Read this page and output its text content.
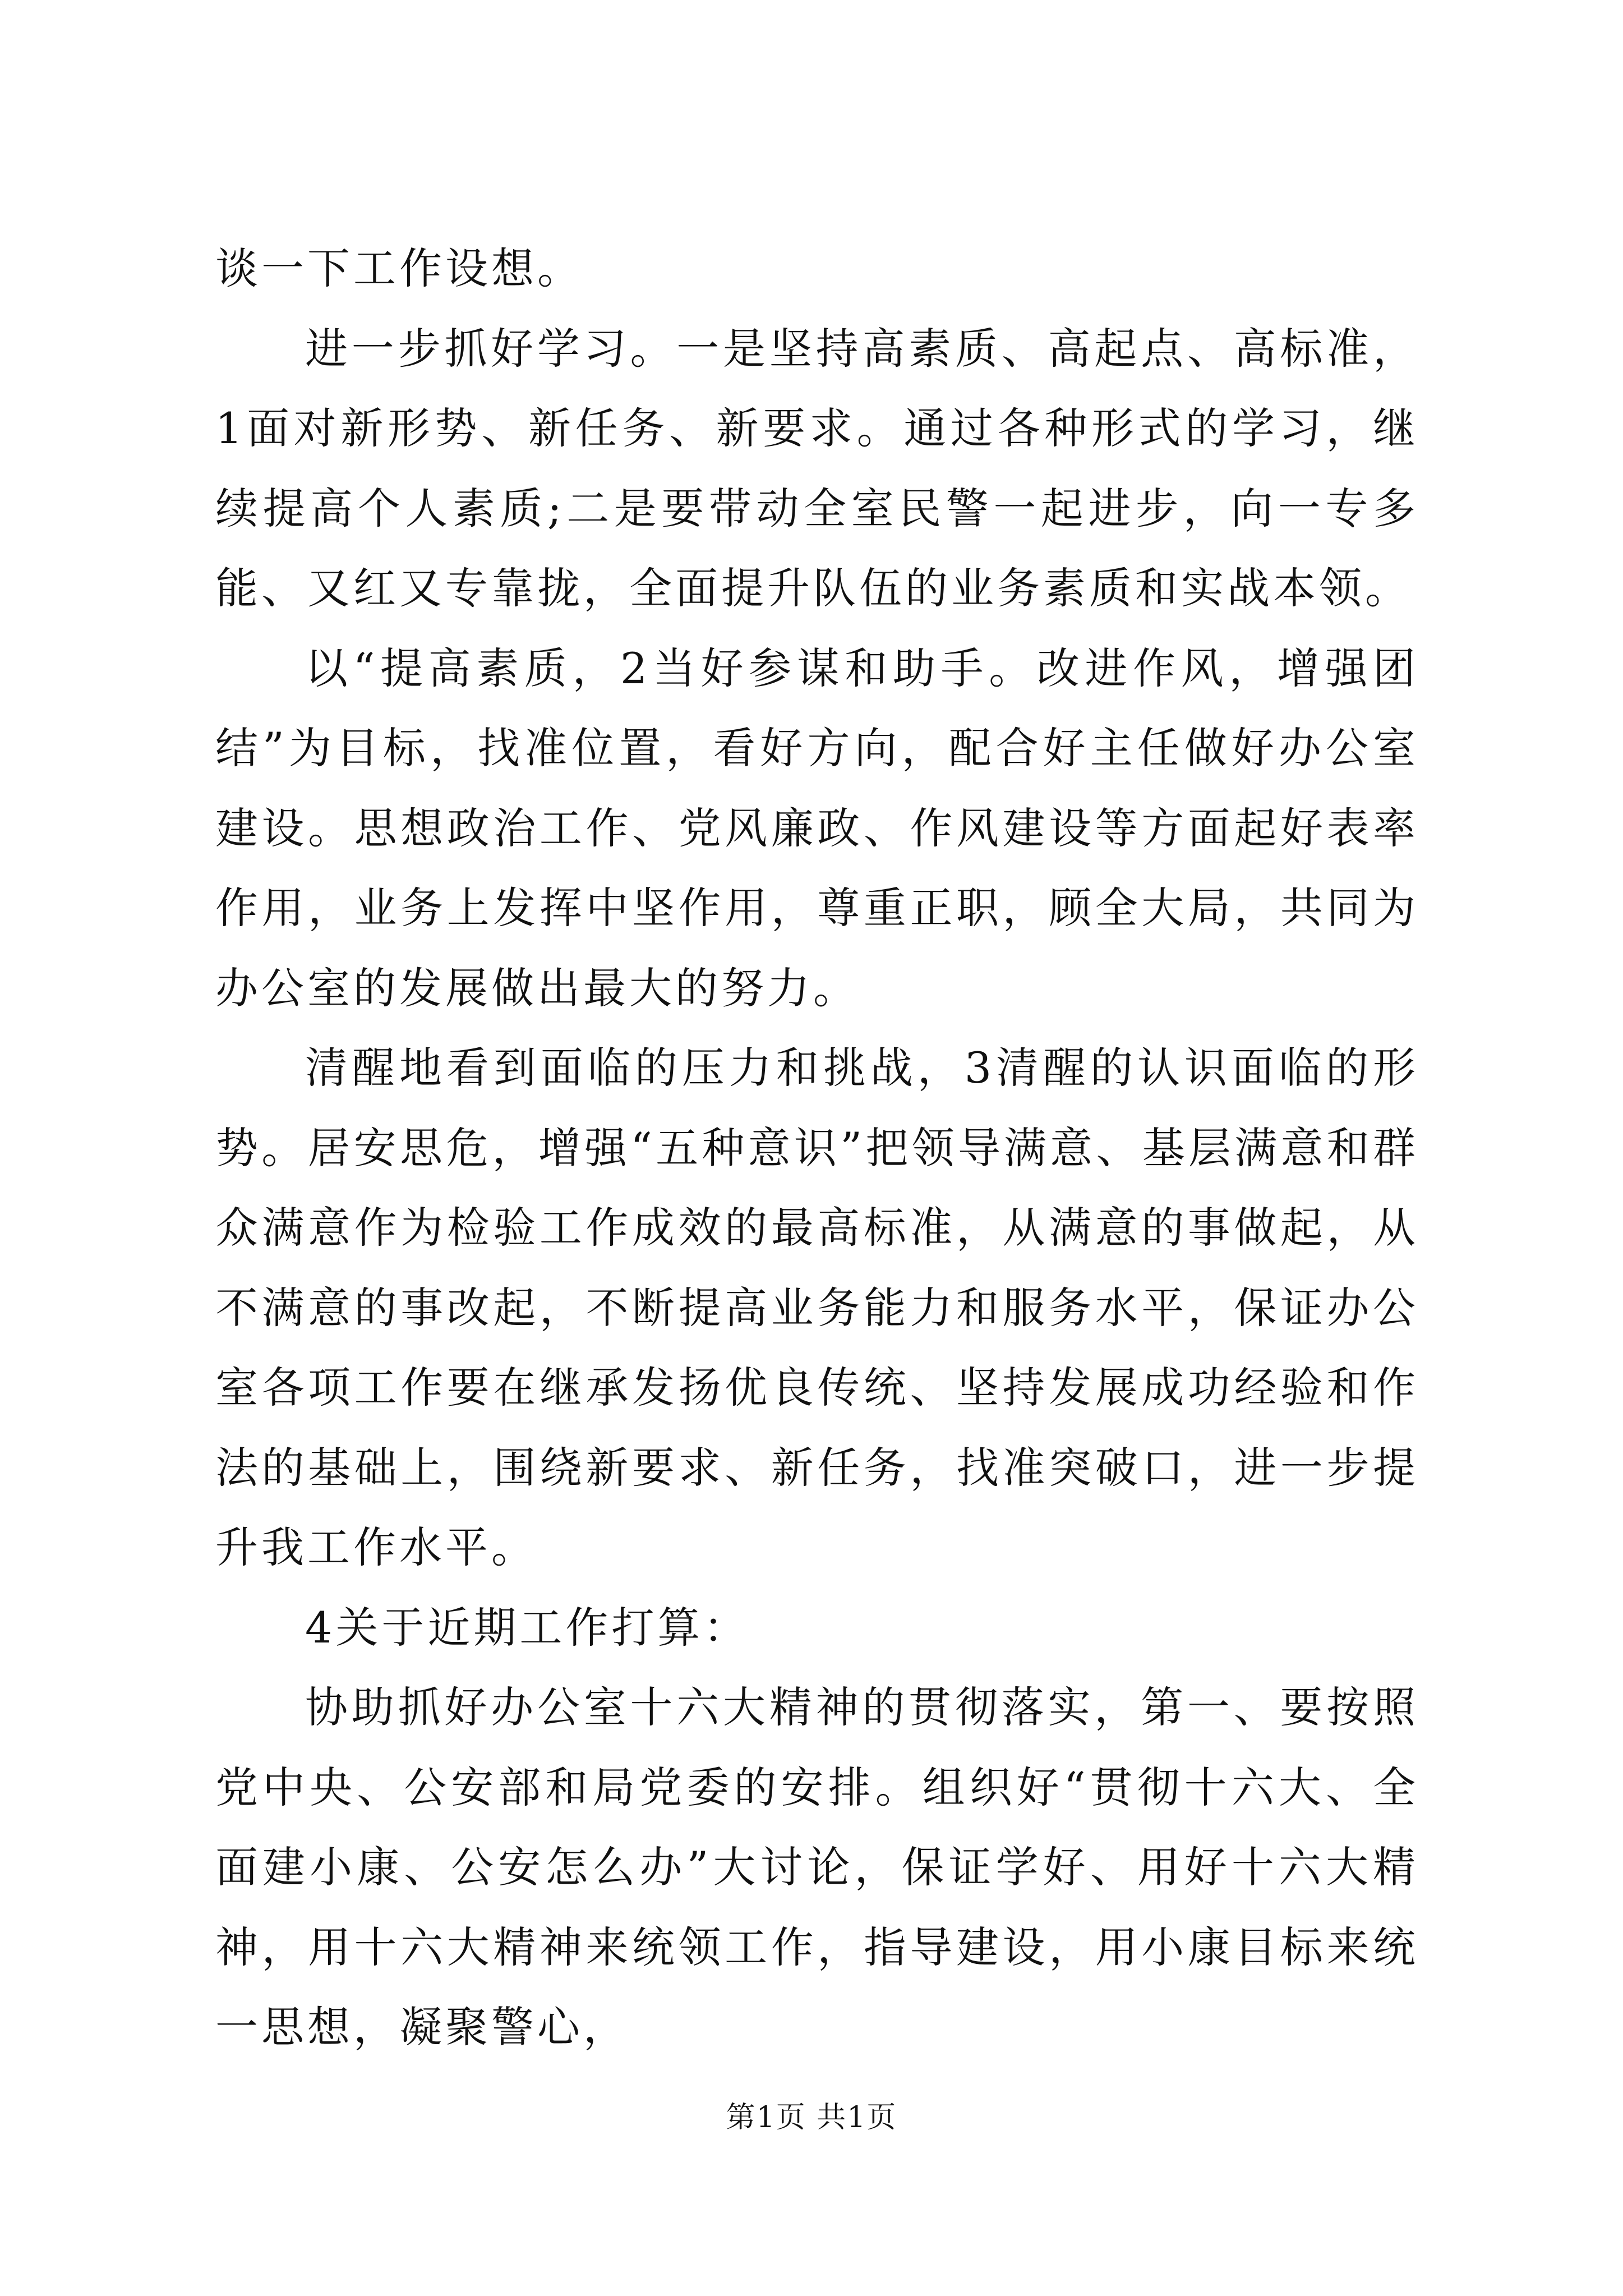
谈一下工作设想。

进一步抓好学习。一是坚持高素质、高起点、高标准，1面对新形势、新任务、新要求。通过各种形式的学习，继续提高个人素质;二是要带动全室民警一起进步，向一专多能、又红又专靠拢，全面提升队伍的业务素质和实战本领。

以“提高素质，2当好参谋和助手。改进作风，增强团结”为目标，找准位置，看好方向，配合好主任做好办公室建设。思想政治工作、党风廉政、作风建设等方面起好表率作用，业务上发挥中坚作用，尊重正职，顾全大局，共同为办公室的发展做出最大的努力。

清醒地看到面临的压力和挑战，3清醒的认识面临的形势。居安思危，增强“五种意识”把领导满意、基层满意和群众满意作为检验工作成效的最高标准，从满意的事做起，从不满意的事改起，不断提高业务能力和服务水平，保证办公室各项工作要在继承发扬优良传统、坚持发展成功经验和作法的基础上，围绕新要求、新任务，找准突破口，进一步提升我工作水平。

4关于近期工作打算：

协助抓好办公室十六大精神的贯彻落实，第一、要按照党中央、公安部和局党委的安排。组织好“贯彻十六大、全面建小康、公安怎么办”大讨论，保证学好、用好十六大精神，用十六大精神来统领工作，指导建设，用小康目标来统一思想，凝聚警心，

第1页 共1页
